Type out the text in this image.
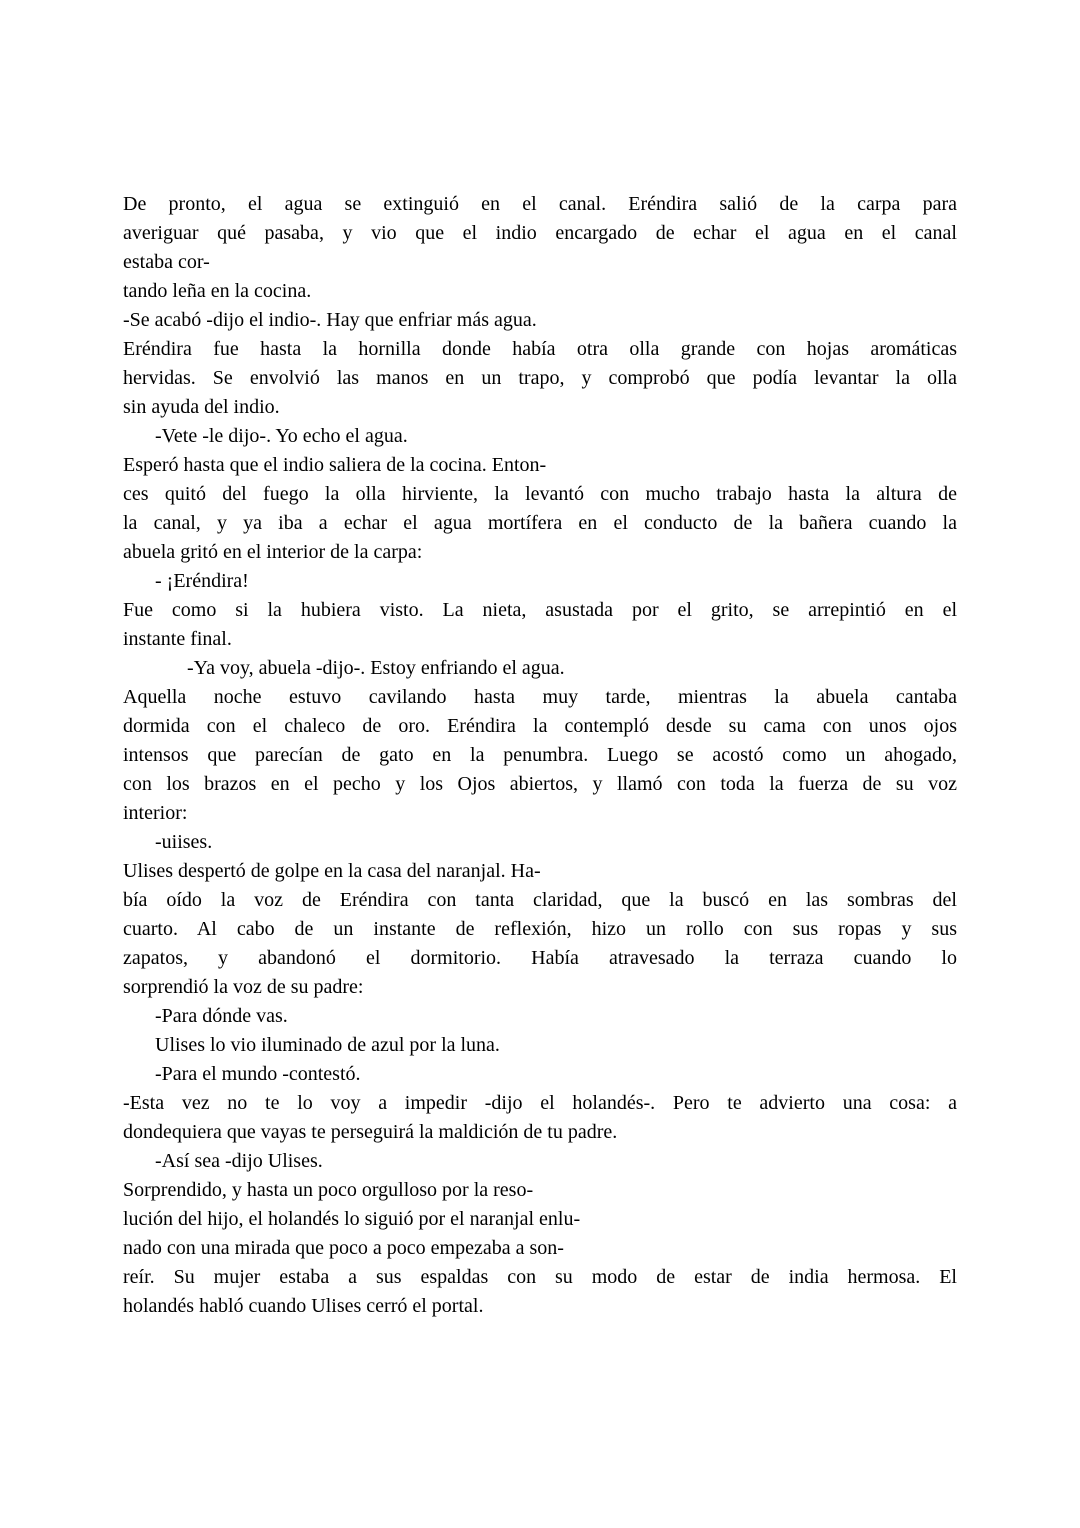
De pronto, el agua se extinguió en el canal. Eréndira salió de la carpa para
averiguar qué pasaba, y vio que el indio encargado de echar el agua en el canal
estaba cor-
tando leña en la cocina.
-Se acabó -dijo el indio-. Hay que enfriar más agua.
Eréndira fue hasta la hornilla donde había otra olla grande con hojas aromáticas
hervidas. Se envolvió las manos en un trapo, y comprobó que podía levantar la olla
sin ayuda del indio.
-Vete -le dijo-. Yo echo el agua.
Esperó hasta que el indio saliera de la cocina. Enton-
ces quitó del fuego la olla hirviente, la levantó con mucho trabajo hasta la altura de
la canal, y ya iba a echar el agua mortífera en el conducto de la bañera cuando la
abuela gritó en el interior de la carpa:
- ¡Eréndira!
Fue como si la hubiera visto. La nieta, asustada por el grito, se arrepintió en el
instante final.
-Ya voy, abuela -dijo-. Estoy enfriando el agua.
Aquella noche estuvo cavilando hasta muy tarde, mientras la abuela cantaba
dormida con el chaleco de oro. Eréndira la contempló desde su cama con unos ojos
intensos que parecían de gato en la penumbra. Luego se acostó como un ahogado,
con los brazos en el pecho y los Ojos abiertos, y llamó con toda la fuerza de su voz
interior:
-uiises.
Ulises despertó de golpe en la casa del naranjal. Ha-
bía oído la voz de Eréndira con tanta claridad, que la buscó en las sombras del
cuarto. Al cabo de un instante de reflexión, hizo un rollo con sus ropas y sus
zapatos, y abandonó el dormitorio. Había atravesado la terraza cuando lo
sorprendió la voz de su padre:
-Para dónde vas.
Ulises lo vio iluminado de azul por la luna.
-Para el mundo -contestó.
-Esta vez no te lo voy a impedir -dijo el holandés-. Pero te advierto una cosa: a
dondequiera que vayas te perseguirá la maldición de tu padre.
-Así sea -dijo Ulises.
Sorprendido, y hasta un poco orgulloso por la reso-
lución del hijo, el holandés lo siguió por el naranjal enlu-
nado con una mirada que poco a poco empezaba a son-
reír. Su mujer estaba a sus espaldas con su modo de estar de india hermosa. El
holandés habló cuando Ulises cerró el portal.
